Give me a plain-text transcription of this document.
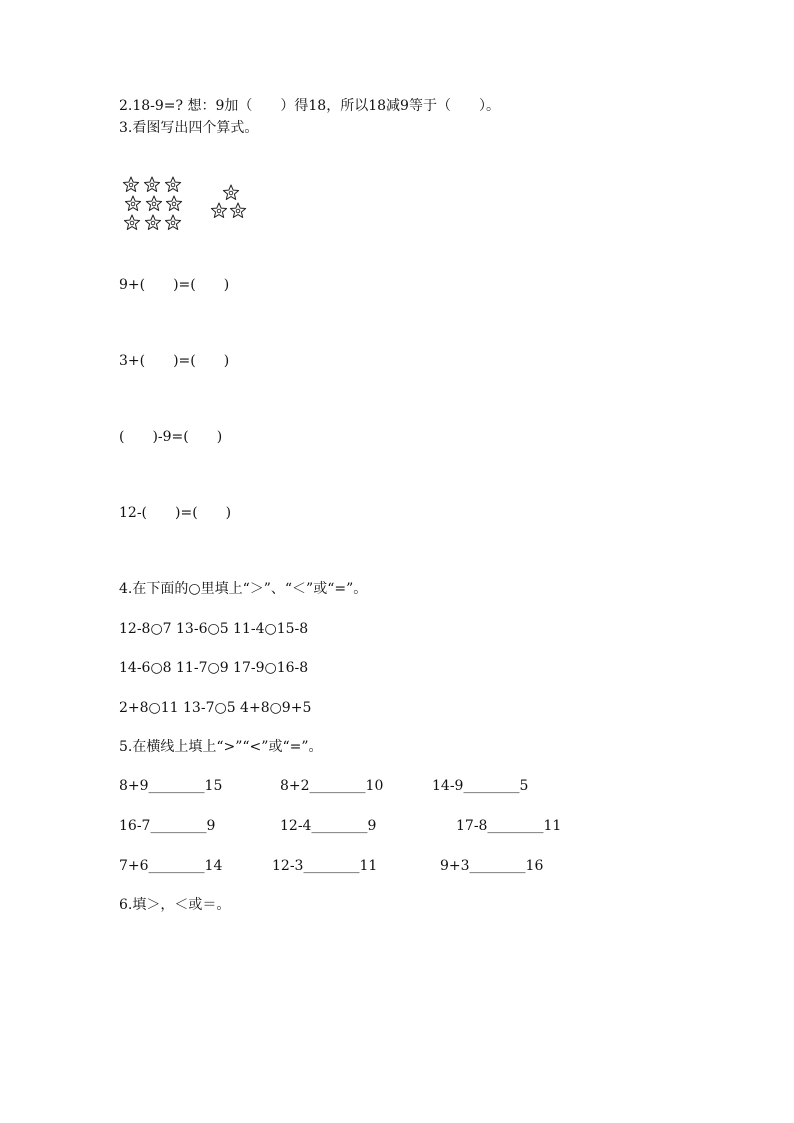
2.18-9=? 想：9加（　　）得18，所以18减9等于（　　）。
3.看图写出四个算式。
9+(　　)=(　　)
3+(　　)=(　　)
(　　)-9=(　　)
12-(　　)=(　　)
4.在下面的○里填上“＞”、“＜”或“=”。
12-8○7 13-6○5 11-4○15-8
14-6○8 11-7○9 17-9○16-8
2+8○11 13-7○5 4+8○9+5
5.在横线上填上“>”“<”或“=”。
8+9________15	8+2________10	14-9________5
16-7________9	12-4________9	17-8________11
7+6________14	12-3________11	9+3________16
6.填＞，＜或＝。
